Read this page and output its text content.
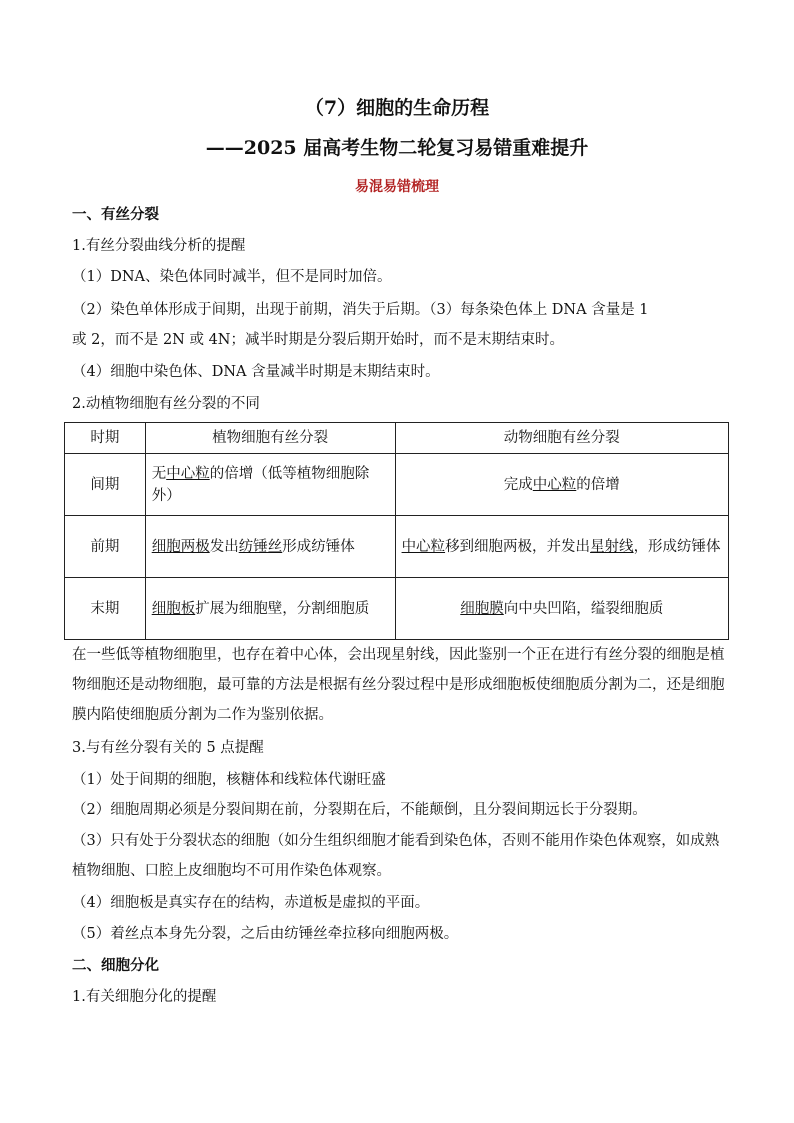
（7）细胞的生命历程
——2025 届高考生物二轮复习易错重难提升
易混易错梳理
一、有丝分裂
1.有丝分裂曲线分析的提醒
（1）DNA、染色体同时减半，但不是同时加倍。
（2）染色单体形成于间期，出现于前期，消失于后期。（3）每条染色体上 DNA 含量是 1
或 2，而不是 2N 或 4N；减半时期是分裂后期开始时，而不是末期结束时。
（4）细胞中染色体、DNA 含量减半时期是末期结束时。
2.动植物细胞有丝分裂的不同
时期	植物细胞有丝分裂	动物细胞有丝分裂
间期	无中心粒的倍增（低等植物细胞除外）	完成中心粒的倍增
前期	细胞两极发出纺锤丝形成纺锤体	中心粒移到细胞两极，并发出星射线，形成纺锤体
末期	细胞板扩展为细胞壁，分割细胞质	细胞膜向中央凹陷，缢裂细胞质
在一些低等植物细胞里，也存在着中心体，会出现星射线，因此鉴别一个正在进行有丝分裂的细胞是植物细胞还是动物细胞，最可靠的方法是根据有丝分裂过程中是形成细胞板使细胞质分割为二，还是细胞膜内陷使细胞质分割为二作为鉴别依据。
3.与有丝分裂有关的 5 点提醒
（1）处于间期的细胞，核糖体和线粒体代谢旺盛
（2）细胞周期必须是分裂间期在前，分裂期在后，不能颠倒，且分裂间期远长于分裂期。
（3）只有处于分裂状态的细胞（如分生组织细胞才能看到染色体，否则不能用作染色体观察，如成熟植物细胞、口腔上皮细胞均不可用作染色体观察。
（4）细胞板是真实存在的结构，赤道板是虚拟的平面。
（5）着丝点本身先分裂，之后由纺锤丝牵拉移向细胞两极。
二、细胞分化
1.有关细胞分化的提醒
